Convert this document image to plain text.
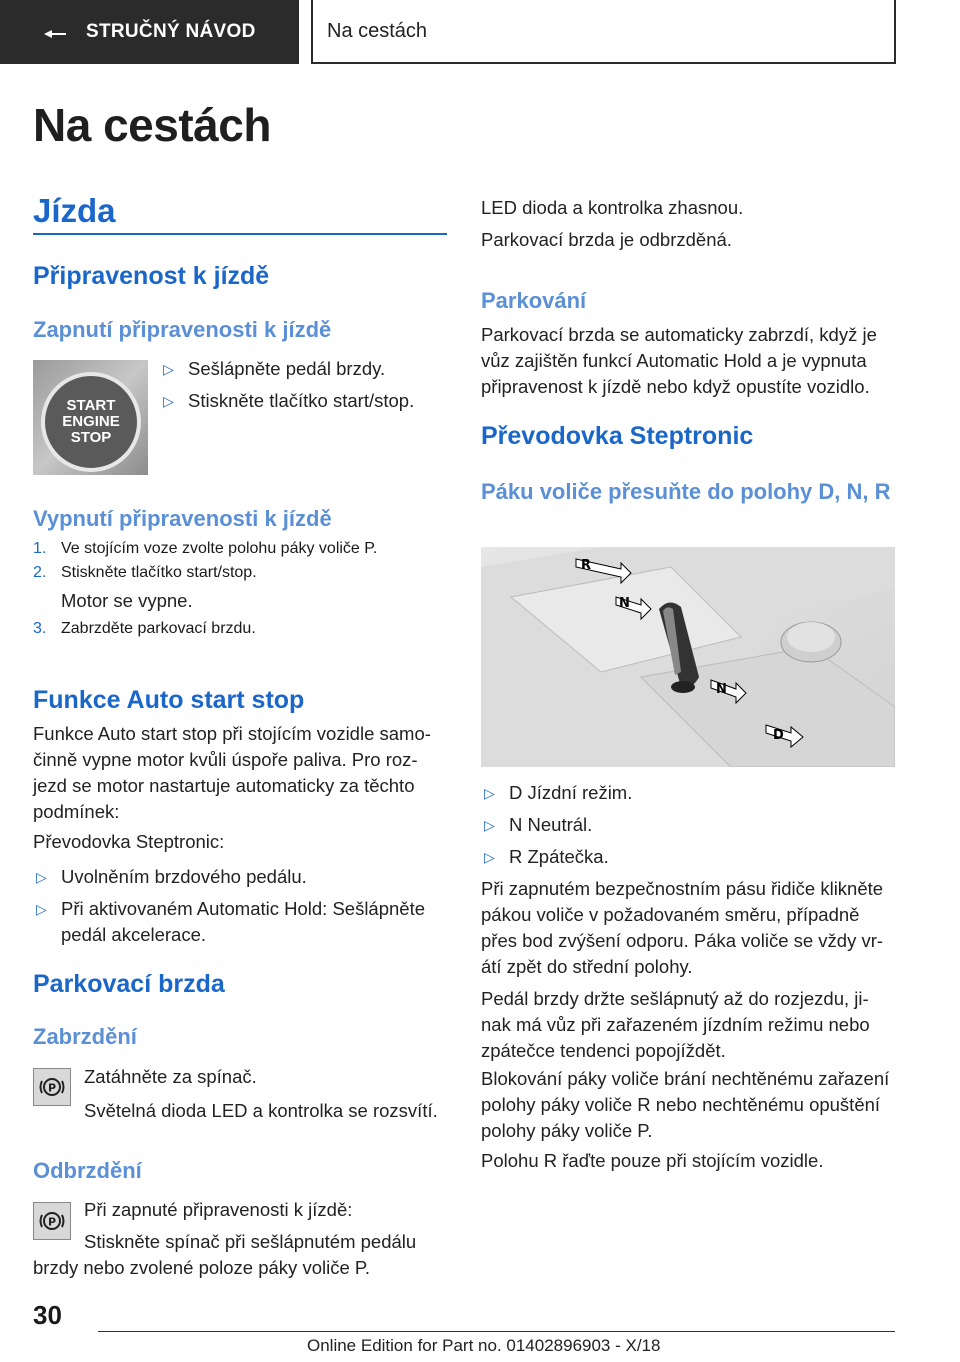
STRUČNÝ NÁVOD	Na cestách
Na cestách
Jízda
Připravenost k jízdě
Zapnutí připravenosti k jízdě
START
ENGINE
STOP
▷ Sešlápněte pedál brzdy.
▷ Stiskněte tlačítko start/stop.
Vypnutí připravenosti k jízdě
1. Ve stojícím voze zvolte polohu páky voliče P.
2. Stiskněte tlačítko start/stop.

Motor se vypne.

3. Zabrzděte parkovací brzdu.
Funkce Auto start stop

Funkce Auto start stop při stojícím vozidle samo-činně vypne motor kvůli úspoře paliva. Pro roz-jezd se motor nastartuje automaticky za těchto podmínek:

Převodovka Steptronic:

▷ Uvolněním brzdového pedálu.
▷ Při aktivovaném Automatic Hold: Sešlápněte pedál akcelerace.
Parkovací brzda
Zabrzdění
P

Zatáhněte za spínač.

Světelná dioda LED a kontrolka se rozsvítí.

Odbrzdění
P

Při zapnuté připravenosti k jízdě:

Stiskněte spínač při sešlápnutém pedálu brzdy nebo zvolené poloze páky voliče P.

LED dioda a kontrolka zhasnou.

Parkovací brzda je odbrzděná.

Parkování

Parkovací brzda se automaticky zabrzdí, když je vůz zajištěn funkcí Automatic Hold a je vypnuta připravenost k jízdě nebo když opustíte vozidlo.

Převodovka Steptronic
Páku voliče přesuňte do polohy D, N, R
R
N
N
D
▷ D Jízdní režim.
▷ N Neutrál.
▷ R Zpátečka.

Při zapnutém bezpečnostním pásu řidiče klikněte pákou voliče v požadovaném směru, případně přes bod zvýšení odporu. Páka voliče se vždy vr-átí zpět do střední polohy.

Pedál brzdy držte sešlápnutý až do rozjezdu, ji-nak má vůz při zařazeném jízdním režimu nebo zpátečce tendenci popojíždět.

Blokování páky voliče brání nechtěnému zařazení polohy páky voliče R nebo nechtěnému opuštění polohy páky voliče P.

Polohu R řaďte pouze při stojícím vozidle.

30
Online Edition for Part no. 01402896903 - X/18
